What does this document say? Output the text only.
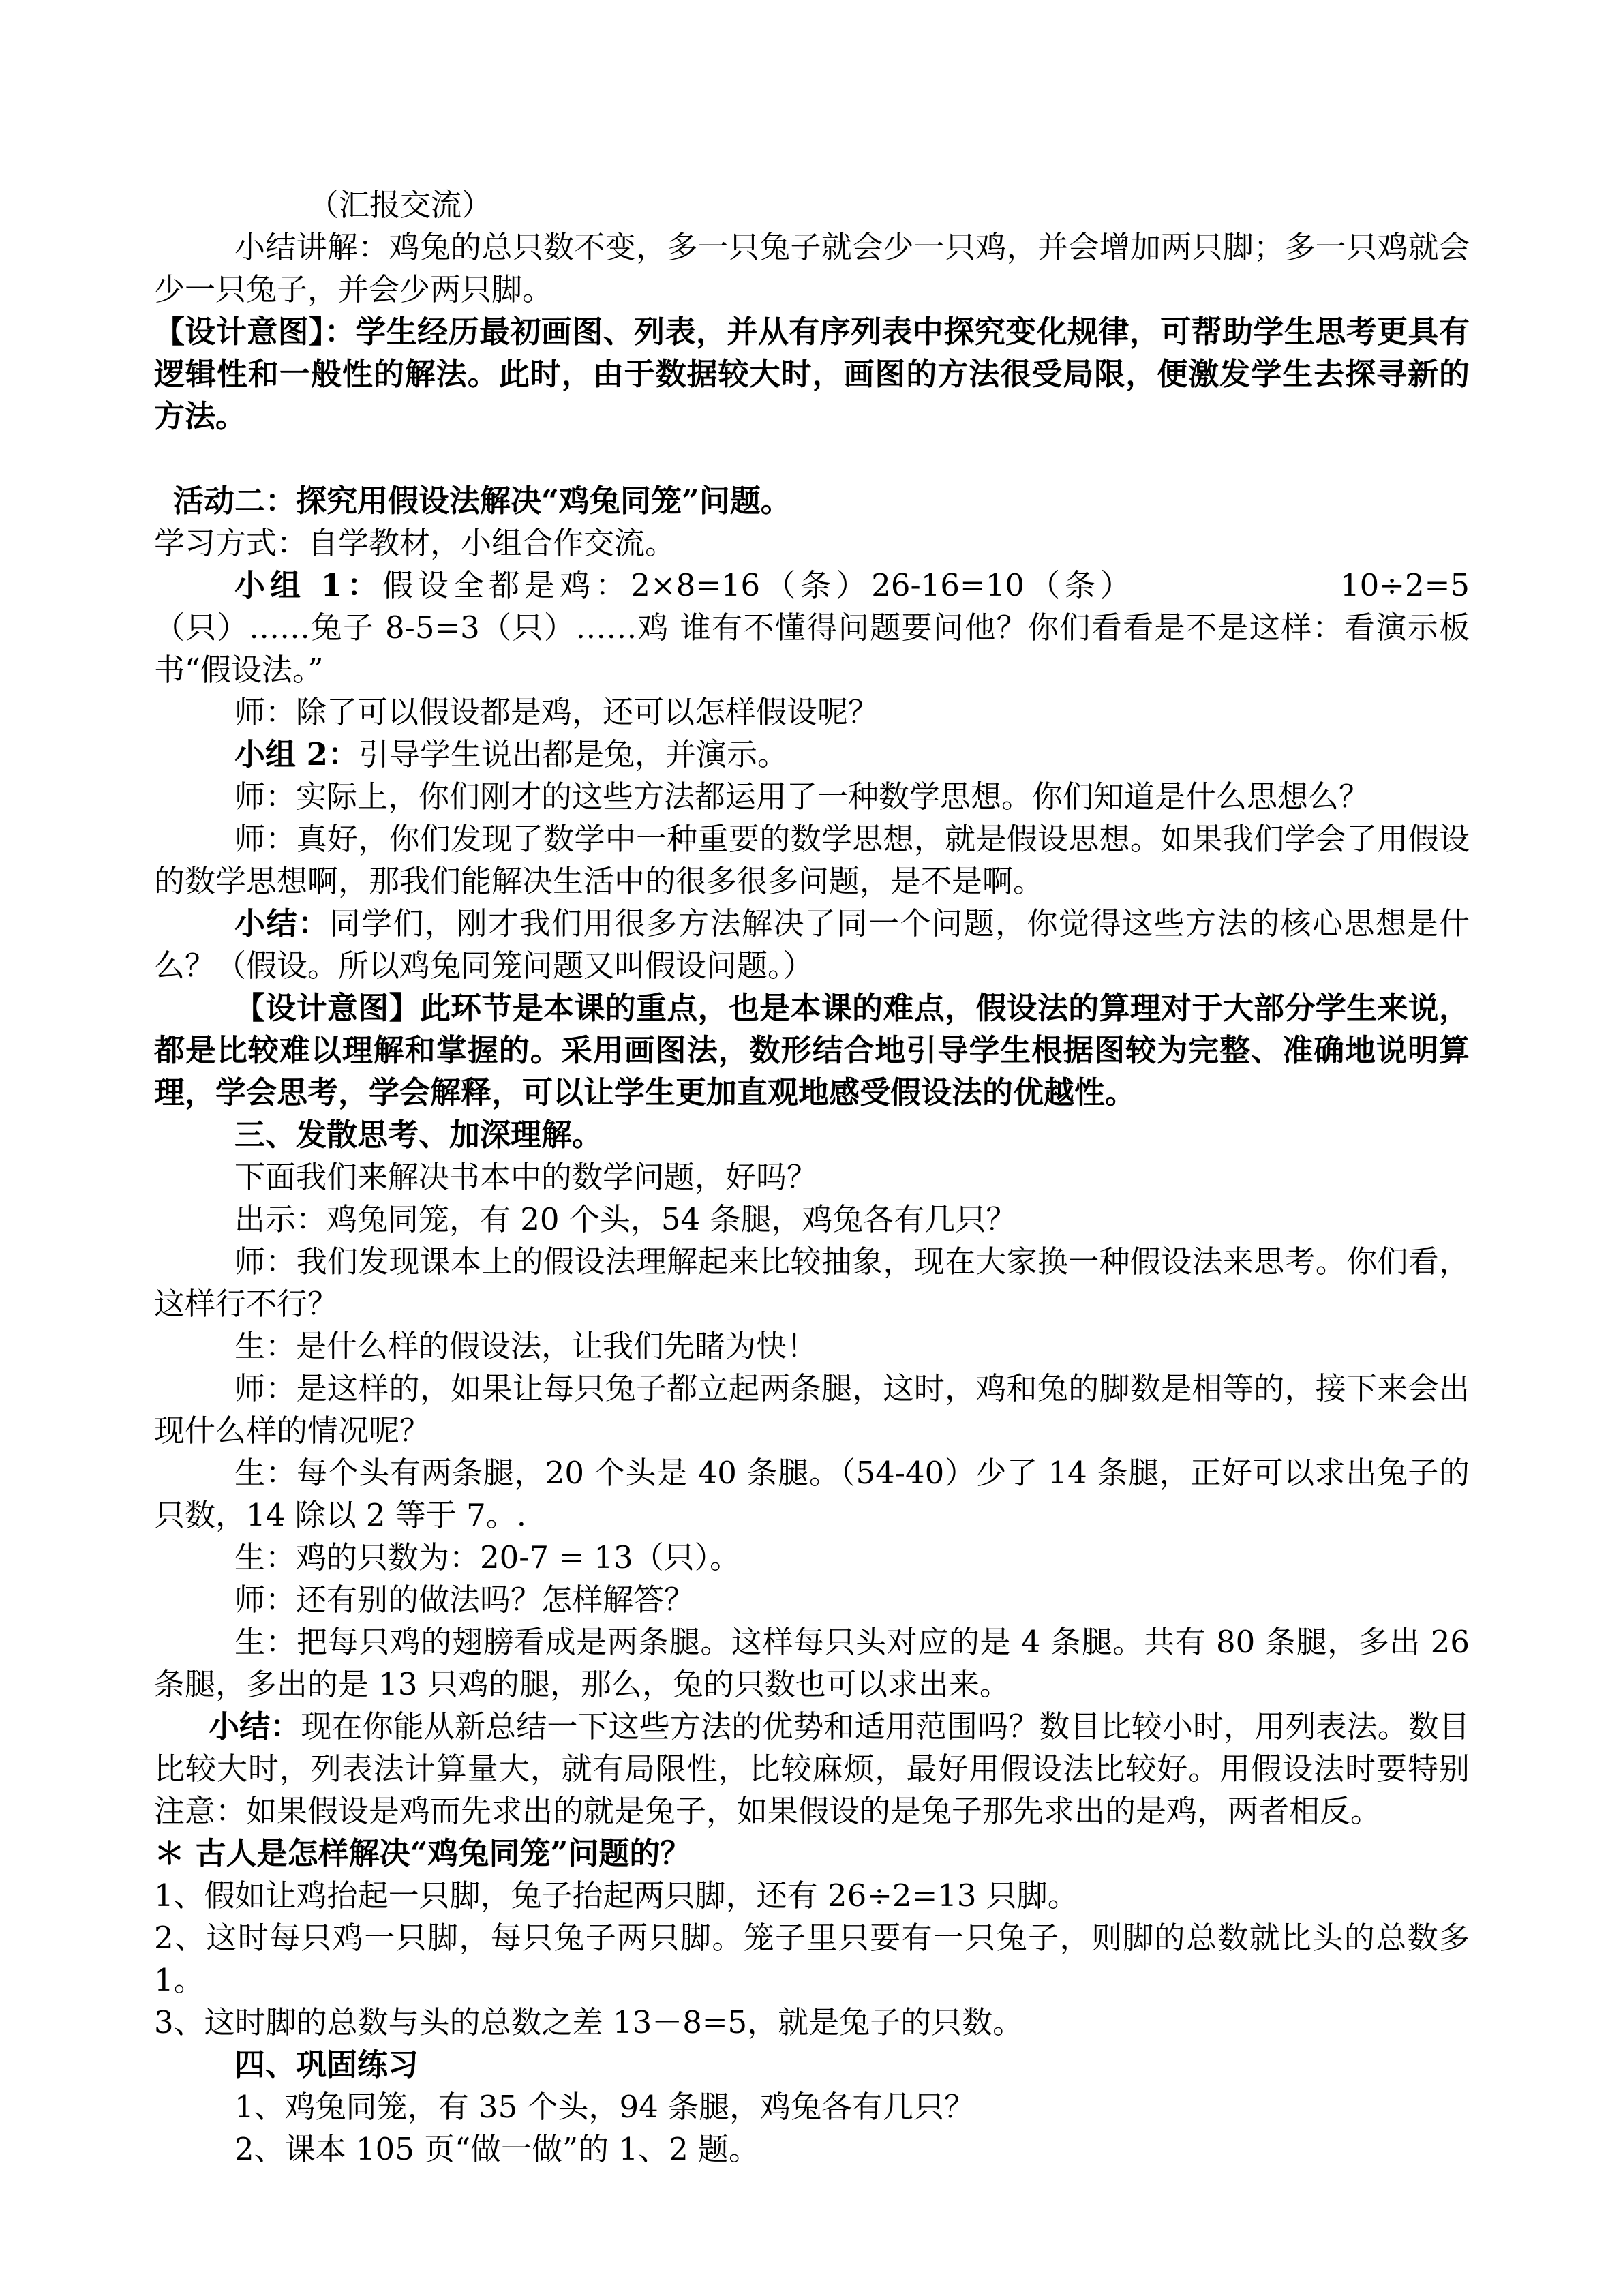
（汇报交流）

小结讲解：鸡兔的总只数不变，多一只兔子就会少一只鸡，并会增加两只脚；多一只鸡就会少一只兔子，并会少两只脚。

【设计意图】：学生经历最初画图、列表，并从有序列表中探究变化规律，可帮助学生思考更具有逻辑性和一般性的解法。此时，由于数据较大时，画图的方法很受局限，便激发学生去探寻新的方法。

活动二：探究用假设法解决“鸡兔同笼”问题。

学习方式：自学教材，小组合作交流。

小组 1：假设全都是鸡：2×8=16（条）26-16=10（条）	10÷2=5（只）……兔子 8-5=3（只）……鸡 谁有不懂得问题要问他？你们看看是不是这样：看演示板书“假设法。”

师：除了可以假设都是鸡，还可以怎样假设呢？

小组 2：引导学生说出都是兔，并演示。

师：实际上，你们刚才的这些方法都运用了一种数学思想。你们知道是什么思想么？

师：真好，你们发现了数学中一种重要的数学思想，就是假设思想。如果我们学会了用假设的数学思想啊，那我们能解决生活中的很多很多问题，是不是啊。

小结：同学们，刚才我们用很多方法解决了同一个问题，你觉得这些方法的核心思想是什么？（假设。所以鸡兔同笼问题又叫假设问题。）

【设计意图】此环节是本课的重点，也是本课的难点，假设法的算理对于大部分学生来说，都是比较难以理解和掌握的。采用画图法，数形结合地引导学生根据图较为完整、准确地说明算理，学会思考，学会解释，可以让学生更加直观地感受假设法的优越性。

三、发散思考、加深理解。

下面我们来解决书本中的数学问题，好吗？

出示：鸡兔同笼，有 20 个头，54 条腿，鸡兔各有几只？

师：我们发现课本上的假设法理解起来比较抽象，现在大家换一种假设法来思考。你们看，这样行不行？

生：是什么样的假设法，让我们先睹为快！

师：是这样的，如果让每只兔子都立起两条腿，这时，鸡和兔的脚数是相等的，接下来会出现什么样的情况呢？

生：每个头有两条腿，20 个头是 40 条腿。（54-40）少了 14 条腿，正好可以求出兔子的只数，14 除以 2 等于 7。.

生：鸡的只数为：20-7 = 13（只）。

师：还有别的做法吗？怎样解答？

生：把每只鸡的翅膀看成是两条腿。这样每只头对应的是 4 条腿。共有 80 条腿，多出 26 条腿，多出的是 13 只鸡的腿，那么，兔的只数也可以求出来。

小结：现在你能从新总结一下这些方法的优势和适用范围吗？数目比较小时，用列表法。数目比较大时，列表法计算量大，就有局限性，比较麻烦，最好用假设法比较好。用假设法时要特别注意：如果假设是鸡而先求出的就是兔子，如果假设的是兔子那先求出的是鸡，两者相反。

＊ 古人是怎样解决“鸡兔同笼”问题的？

1、假如让鸡抬起一只脚，兔子抬起两只脚，还有 26÷2=13 只脚。

2、这时每只鸡一只脚，每只兔子两只脚。笼子里只要有一只兔子，则脚的总数就比头的总数多 1。

3、这时脚的总数与头的总数之差 13－8=5，就是兔子的只数。

四、巩固练习

1、鸡兔同笼，有 35 个头，94 条腿，鸡兔各有几只？

2、课本 105 页“做一做”的 1、2 题。
